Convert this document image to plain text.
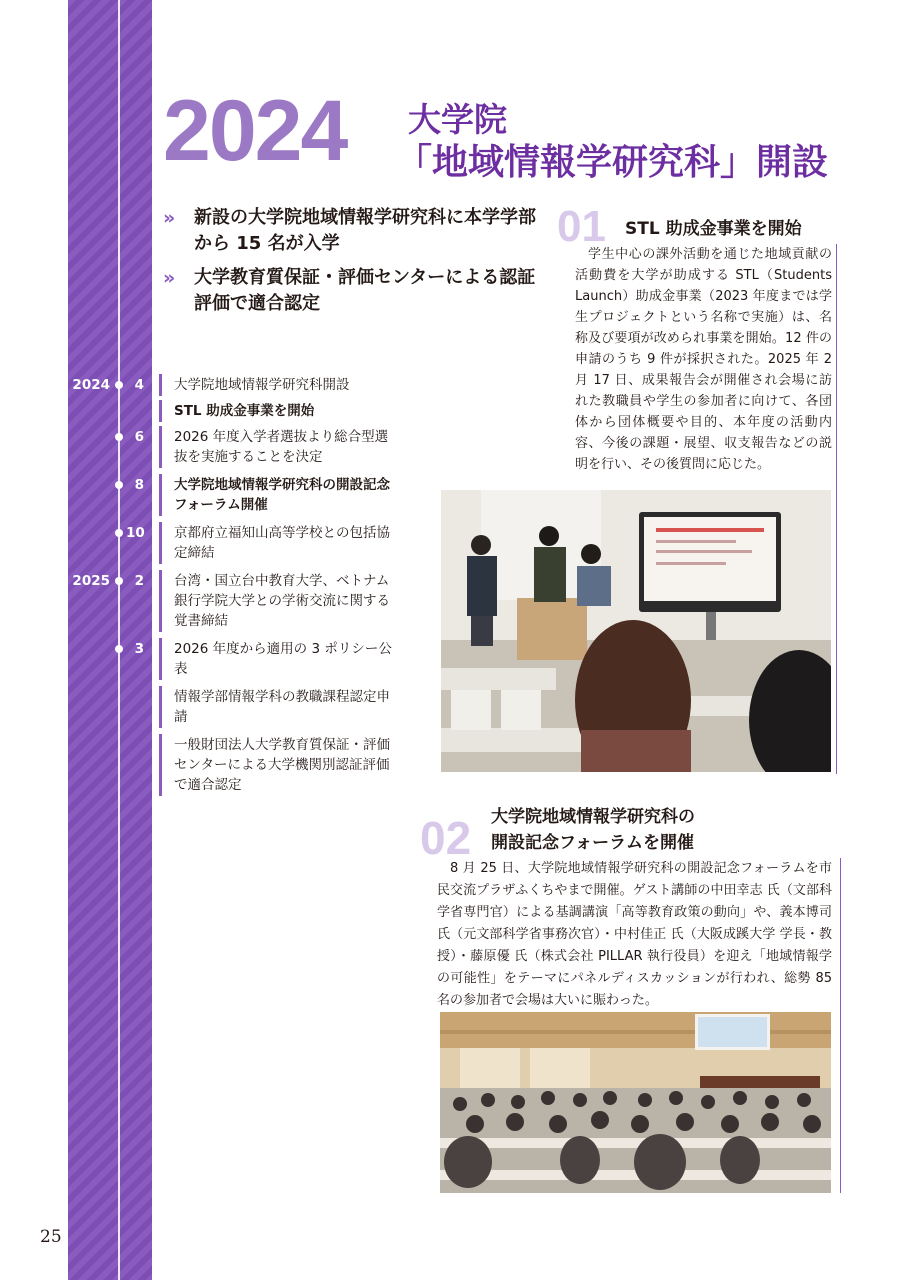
2024 大学院
「地域情報学研究科」開設
» 新設の大学院地域情報学研究科に本学学部から 15 名が入学
» 大学教育質保証・評価センターによる認証評価で適合認定
2024	4	大学院地域情報学研究科開設
STL 助成金事業を開始
6	2026 年度入学者選抜より総合型選抜を実施することを決定
8	大学院地域情報学研究科の開設記念フォーラム開催
10	京都府立福知山高等学校との包括協定締結
2025	2	台湾・国立台中教育大学、ベトナム銀行学院大学との学術交流に関する覚書締結
3	2026 年度から適用の 3 ポリシー公表
情報学部情報学科の教職課程認定申請
一般財団法人大学教育質保証・評価センターによる大学機関別認証評価で適合認定
01 STL 助成金事業を開始
学生中心の課外活動を通じた地域貢献の活動費を大学が助成する STL（Students Launch）助成金事業（2023 年度までは学生プロジェクトという名称で実施）は、名称及び要項が改められ事業を開始。12 件の申請のうち 9 件が採択された。2025 年 2 月 17 日、成果報告会が開催され会場に訪れた教職員や学生の参加者に向けて、各団体から団体概要や目的、本年度の活動内容、今後の課題・展望、収支報告などの説明を行い、その後質問に応じた。
02 大学院地域情報学研究科の
開設記念フォーラムを開催
8 月 25 日、大学院地域情報学研究科の開設記念フォーラムを市民交流プラザふくちやまで開催。ゲスト講師の中田幸志 氏（文部科学省専門官）による基調講演「高等教育政策の動向」や、義本博司 氏（元文部科学省事務次官）・中村佳正 氏（大阪成蹊大学 学長・教授）・藤原優 氏（株式会社 PILLAR 執行役員）を迎え「地域情報学の可能性」をテーマにパネルディスカッションが行われ、総勢 85 名の参加者で会場は大いに賑わった。
25
